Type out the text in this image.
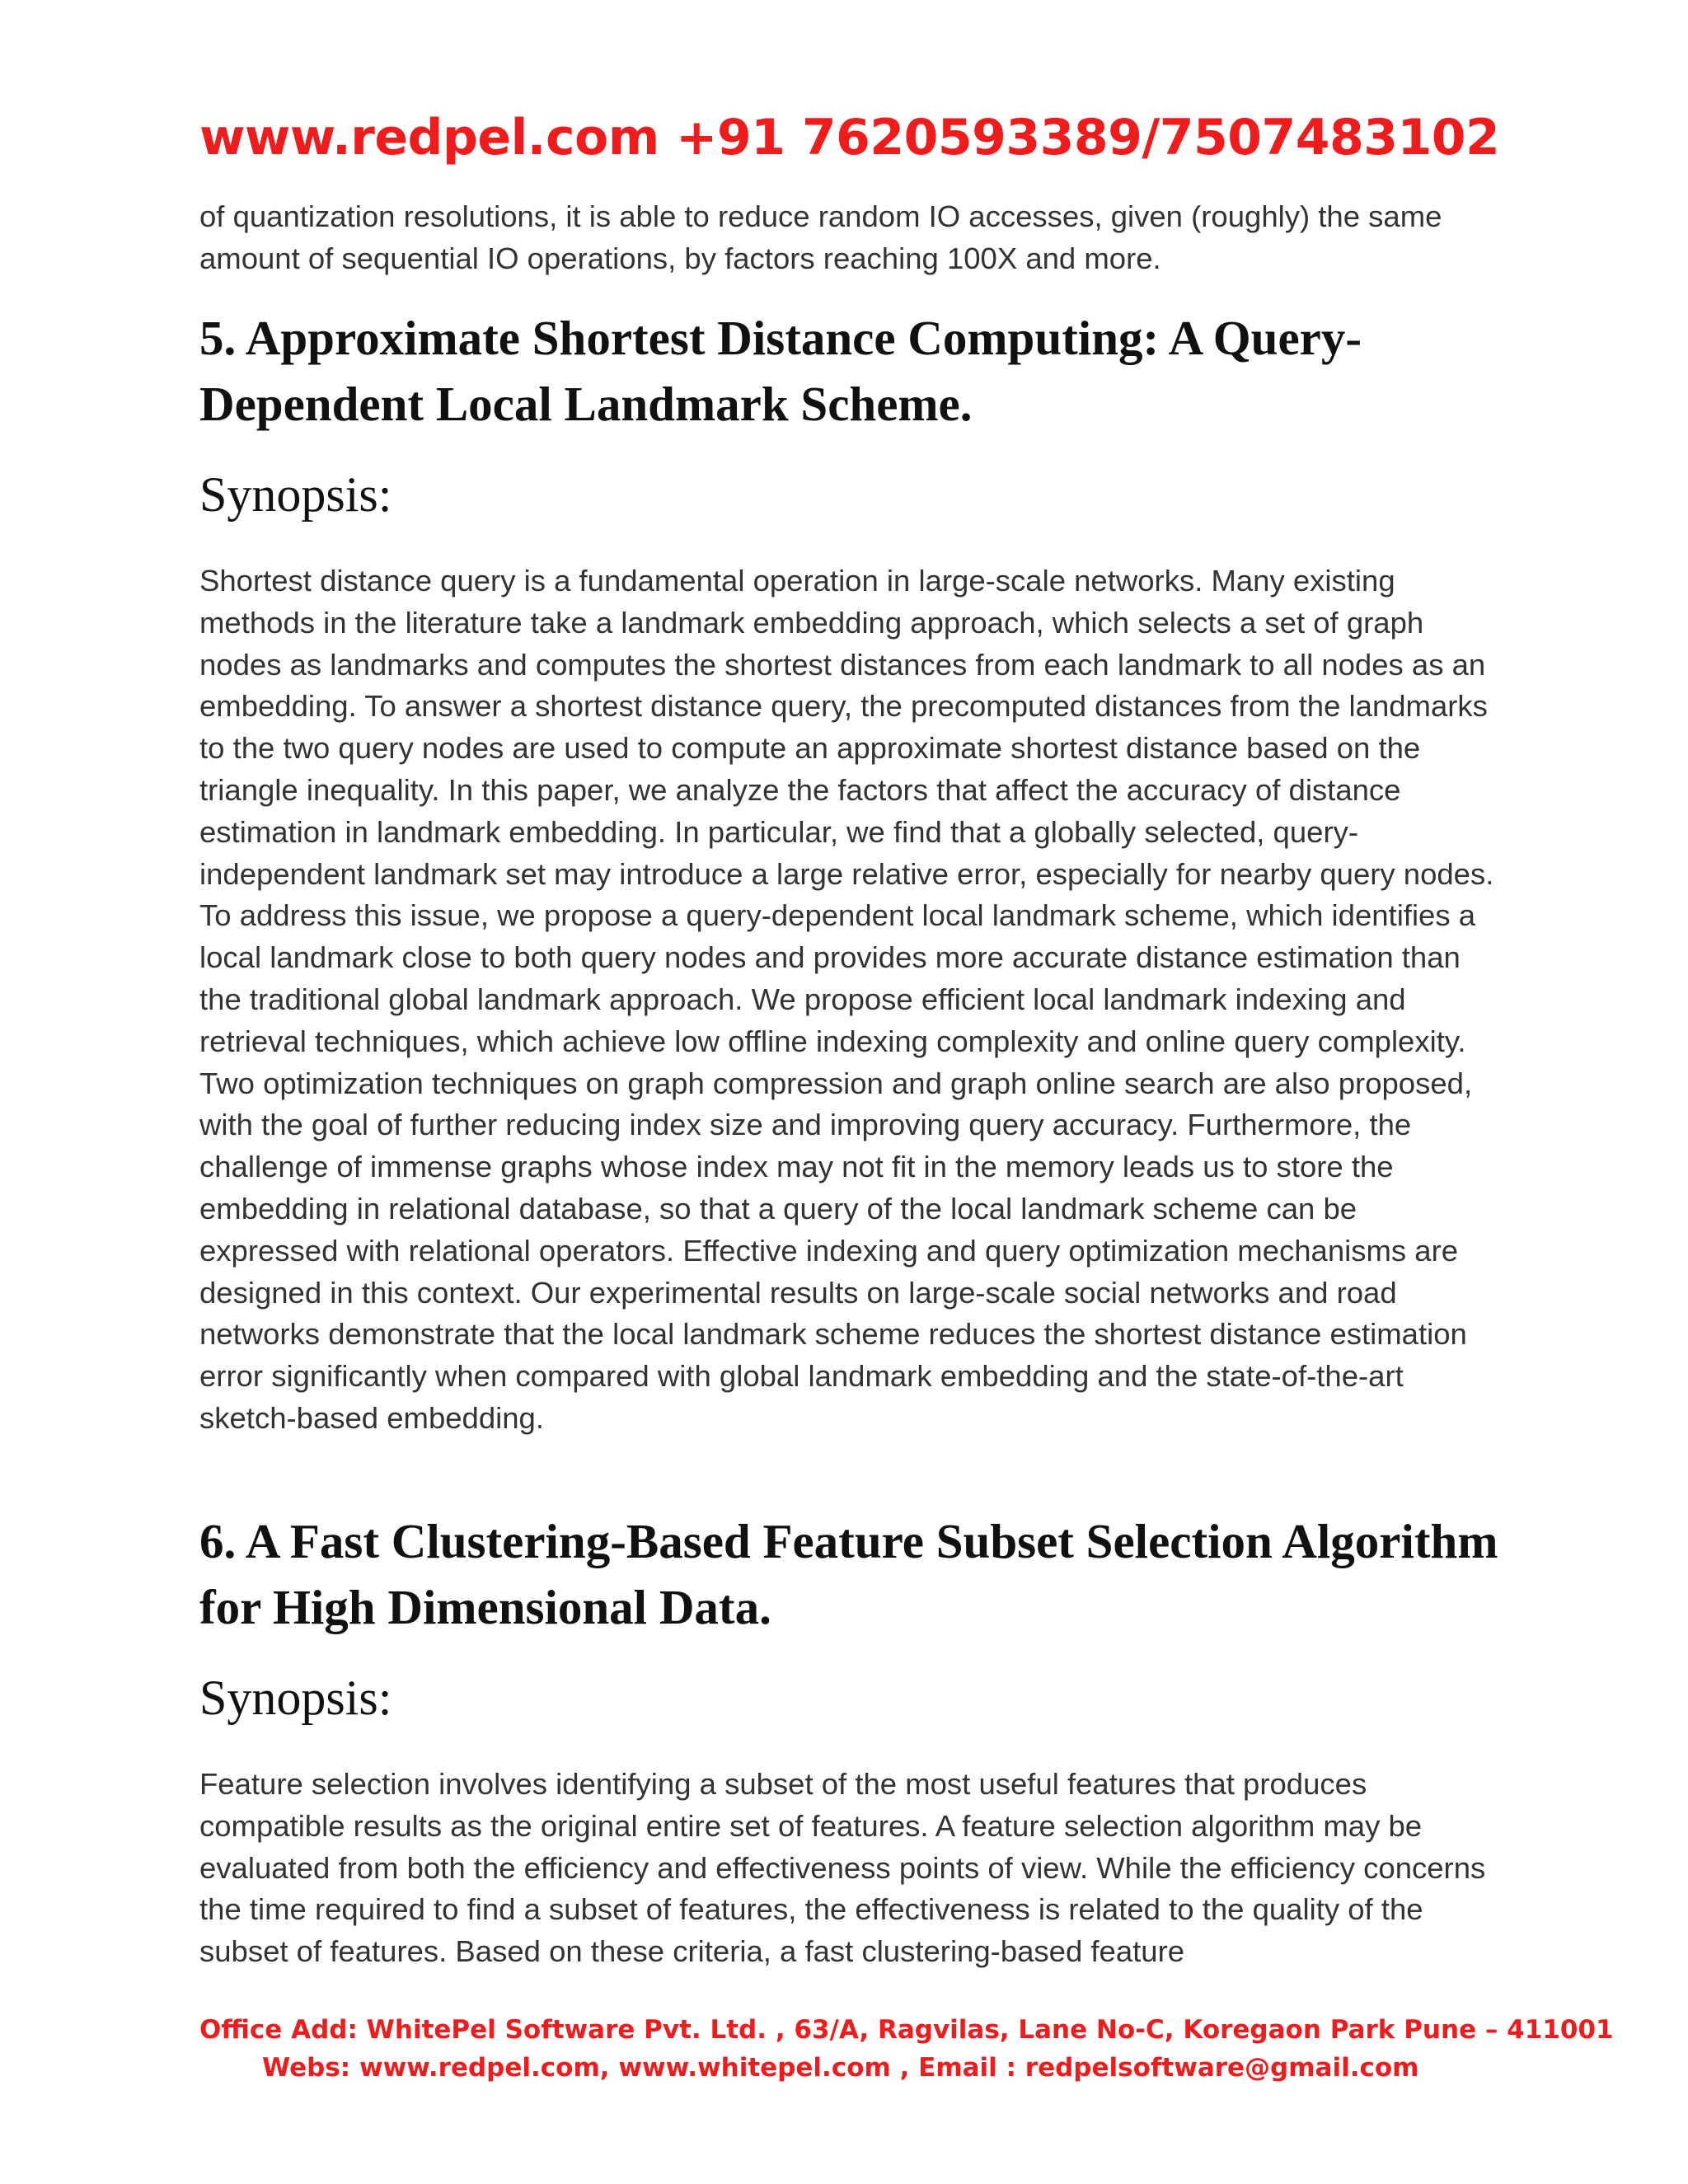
www.redpel.com +91 7620593389/7507483102

of quantization resolutions, it is able to reduce random IO accesses, given (roughly) the same amount of sequential IO operations, by factors reaching 100X and more.

5. Approximate Shortest Distance Computing: A Query-Dependent Local Landmark Scheme.
Synopsis:

Shortest distance query is a fundamental operation in large-scale networks. Many existing methods in the literature take a landmark embedding approach, which selects a set of graph nodes as landmarks and computes the shortest distances from each landmark to all nodes as an embedding. To answer a shortest distance query, the precomputed distances from the landmarks to the two query nodes are used to compute an approximate shortest distance based on the triangle inequality. In this paper, we analyze the factors that affect the accuracy of distance estimation in landmark embedding. In particular, we find that a globally selected, query-independent landmark set may introduce a large relative error, especially for nearby query nodes. To address this issue, we propose a query-dependent local landmark scheme, which identifies a local landmark close to both query nodes and provides more accurate distance estimation than the traditional global landmark approach. We propose efficient local landmark indexing and retrieval techniques, which achieve low offline indexing complexity and online query complexity. Two optimization techniques on graph compression and graph online search are also proposed, with the goal of further reducing index size and improving query accuracy. Furthermore, the challenge of immense graphs whose index may not fit in the memory leads us to store the embedding in relational database, so that a query of the local landmark scheme can be expressed with relational operators. Effective indexing and query optimization mechanisms are designed in this context. Our experimental results on large-scale social networks and road networks demonstrate that the local landmark scheme reduces the shortest distance estimation error significantly when compared with global landmark embedding and the state-of-the-art sketch-based embedding.

6. A Fast Clustering-Based Feature Subset Selection Algorithm for High Dimensional Data.
Synopsis:

Feature selection involves identifying a subset of the most useful features that produces compatible results as the original entire set of features. A feature selection algorithm may be evaluated from both the efficiency and effectiveness points of view. While the efficiency concerns the time required to find a subset of features, the effectiveness is related to the quality of the subset of features. Based on these criteria, a fast clustering-based feature

Office Add: WhitePel Software Pvt. Ltd. , 63/A, Ragvilas, Lane No-C, Koregaon Park Pune – 411001
Webs: www.redpel.com, www.whitepel.com , Email : redpelsoftware@gmail.com
